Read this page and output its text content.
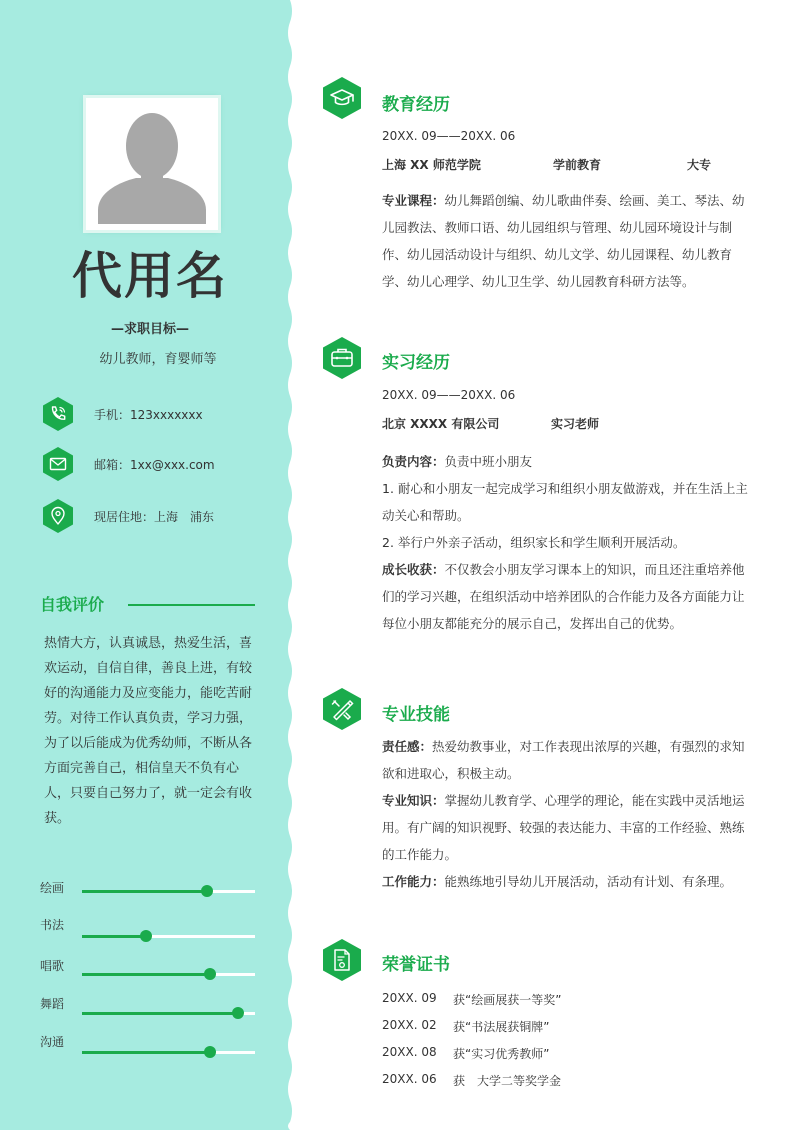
代用名
—求职目标—
幼儿教师，育婴师等
手机：123xxxxxxx
邮箱：1xx@xxx.com
现居住地：上海　浦东
自我评价
热情大方，认真诚恳，热爱生活，喜欢运动，自信自律，善良上进，有较好的沟通能力及应变能力，能吃苦耐劳。对待工作认真负责，学习力强，为了以后能成为优秀幼师，不断从各方面完善自己，相信皇天不负有心人，只要自己努力了，就一定会有收获。
绘画
书法
唱歌
舞蹈
沟通
教育经历
20XX. 09——20XX. 06
上海 XX 师范学院	学前教育	大专
专业课程：幼儿舞蹈创编、幼儿歌曲伴奏、绘画、美工、琴法、幼儿园教法、教师口语、幼儿园组织与管理、幼儿园环境设计与制作、幼儿园活动设计与组织、幼儿文学、幼儿园课程、幼儿教育学、幼儿心理学、幼儿卫生学、幼儿园教育科研方法等。
实习经历
20XX. 09——20XX. 06
北京 XXXX 有限公司	实习老师
负责内容：负责中班小朋友
1. 耐心和小朋友一起完成学习和组织小朋友做游戏，并在生活上主动关心和帮助。
2. 举行户外亲子活动，组织家长和学生顺利开展活动。
成长收获：不仅教会小朋友学习课本上的知识，而且还注重培养他们的学习兴趣，在组织活动中培养团队的合作能力及各方面能力让每位小朋友都能充分的展示自己，发挥出自己的优势。
专业技能
责任感：热爱幼教事业，对工作表现出浓厚的兴趣，有强烈的求知欲和进取心，积极主动。
专业知识：掌握幼儿教育学、心理学的理论，能在实践中灵活地运用。有广阔的知识视野、较强的表达能力、丰富的工作经验、熟练的工作能力。
工作能力：能熟练地引导幼儿开展活动，活动有计划、有条理。
荣誉证书
20XX. 09 获“绘画展获一等奖”
20XX. 02 获“书法展获铜牌”
20XX. 08 获“实习优秀教师”
20XX. 06 获　大学二等奖学金
